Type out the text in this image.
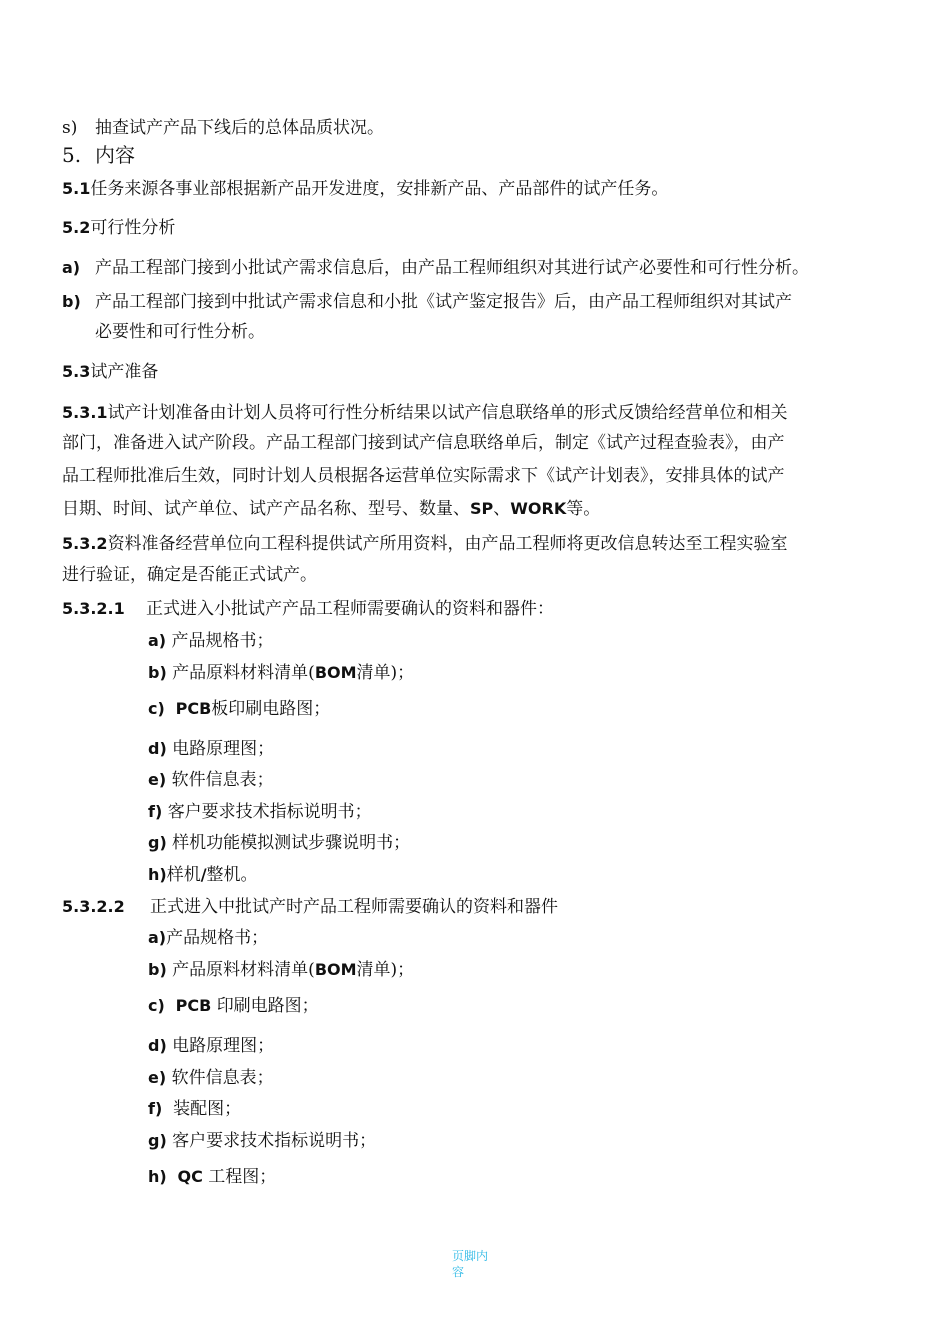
s) 抽查试产产品下线后的总体品质状况。
5. 内容
5.1任务来源各事业部根据新产品开发进度，安排新产品、产品部件的试产任务。
5.2可行性分析
a) 产品工程部门接到小批试产需求信息后，由产品工程师组织对其进行试产必要性和可行性分析。
b) 产品工程部门接到中批试产需求信息和小批《试产鉴定报告》后，由产品工程师组织对其试产
必要性和可行性分析。
5.3试产准备
5.3.1试产计划准备由计划人员将可行性分析结果以试产信息联络单的形式反馈给经营单位和相关
部门，准备进入试产阶段。产品工程部门接到试产信息联络单后，制定《试产过程查验表》，由产
品工程师批准后生效，同时计划人员根据各运营单位实际需求下《试产计划表》，安排具体的试产
日期、时间、试产单位、试产产品名称、型号、数量、SP、WORK等。
5.3.2资料准备经营单位向工程科提供试产所用资料，由产品工程师将更改信息转达至工程实验室
进行验证，确定是否能正式试产。
5.3.2.1 正式进入小批试产产品工程师需要确认的资料和器件：
a) 产品规格书；
b) 产品原料材料清单(BOM清单)；
c) PCB板印刷电路图；
d) 电路原理图；
e) 软件信息表；
f) 客户要求技术指标说明书；
g) 样机功能模拟测试步骤说明书；
h)样机/整机。
5.3.2.2 正式进入中批试产时产品工程师需要确认的资料和器件
a)产品规格书；
b) 产品原料材料清单(BOM清单)；
c) PCB 印刷电路图；
d) 电路原理图；
e) 软件信息表；
f) 装配图；
g) 客户要求技术指标说明书；
h) QC 工程图；
页脚内容
